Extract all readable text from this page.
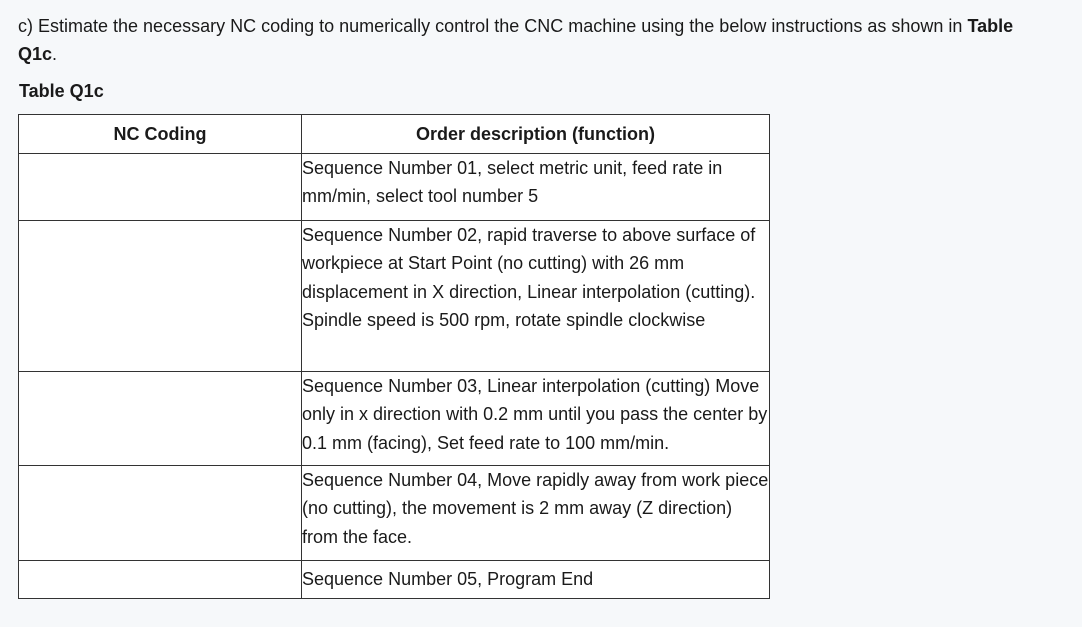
c) Estimate the necessary NC coding to numerically control the CNC machine using the below instructions as shown in Table
Q1c.

Table Q1c

NC Coding	Order description (function)
	Sequence Number 01, select metric unit, feed rate in mm/min, select tool number 5
	Sequence Number 02, rapid traverse to above surface of workpiece at Start Point (no cutting) with 26 mm displacement in X direction, Linear interpolation (cutting). Spindle speed is 500 rpm, rotate spindle clockwise
	Sequence Number 03, Linear interpolation (cutting) Move only in x direction with 0.2 mm until you pass the center by 0.1 mm (facing), Set feed rate to 100 mm/min.
	Sequence Number 04, Move rapidly away from work piece (no cutting), the movement is 2 mm away (Z direction) from the face.
	Sequence Number 05, Program End
